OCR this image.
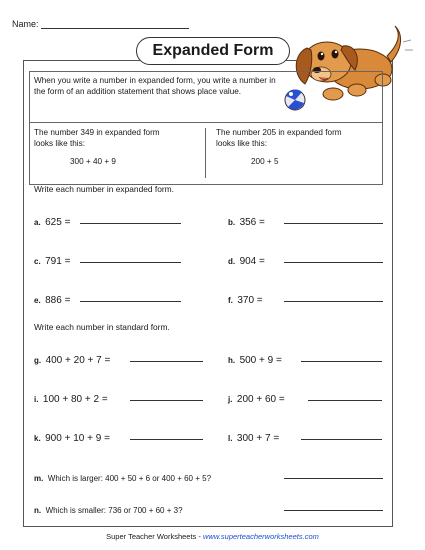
Name:
Expanded Form
When you write a number in expanded form, you write a number in the form of an addition statement that shows place value.
The number 349 in expanded form looks like this:
300 + 40 + 9
The number 205 in expanded form looks like this:
200 + 5
Write each number in expanded form.
a. 625 =	b. 356 =
c. 791 =	d. 904 =
e. 886 =	f. 370 =
Write each number in standard form.
g. 400 + 20 + 7 =	h. 500 + 9 =
i. 100 + 80 + 2 =	j. 200 + 60 =
k. 900 + 10 + 9 =	l. 300 + 7 =
m. Which is larger: 400 + 50 + 6 or 400 + 60 + 5?
n. Which is smaller: 736 or 700 + 60 + 3?
Super Teacher Worksheets - www.superteacherworksheets.com
